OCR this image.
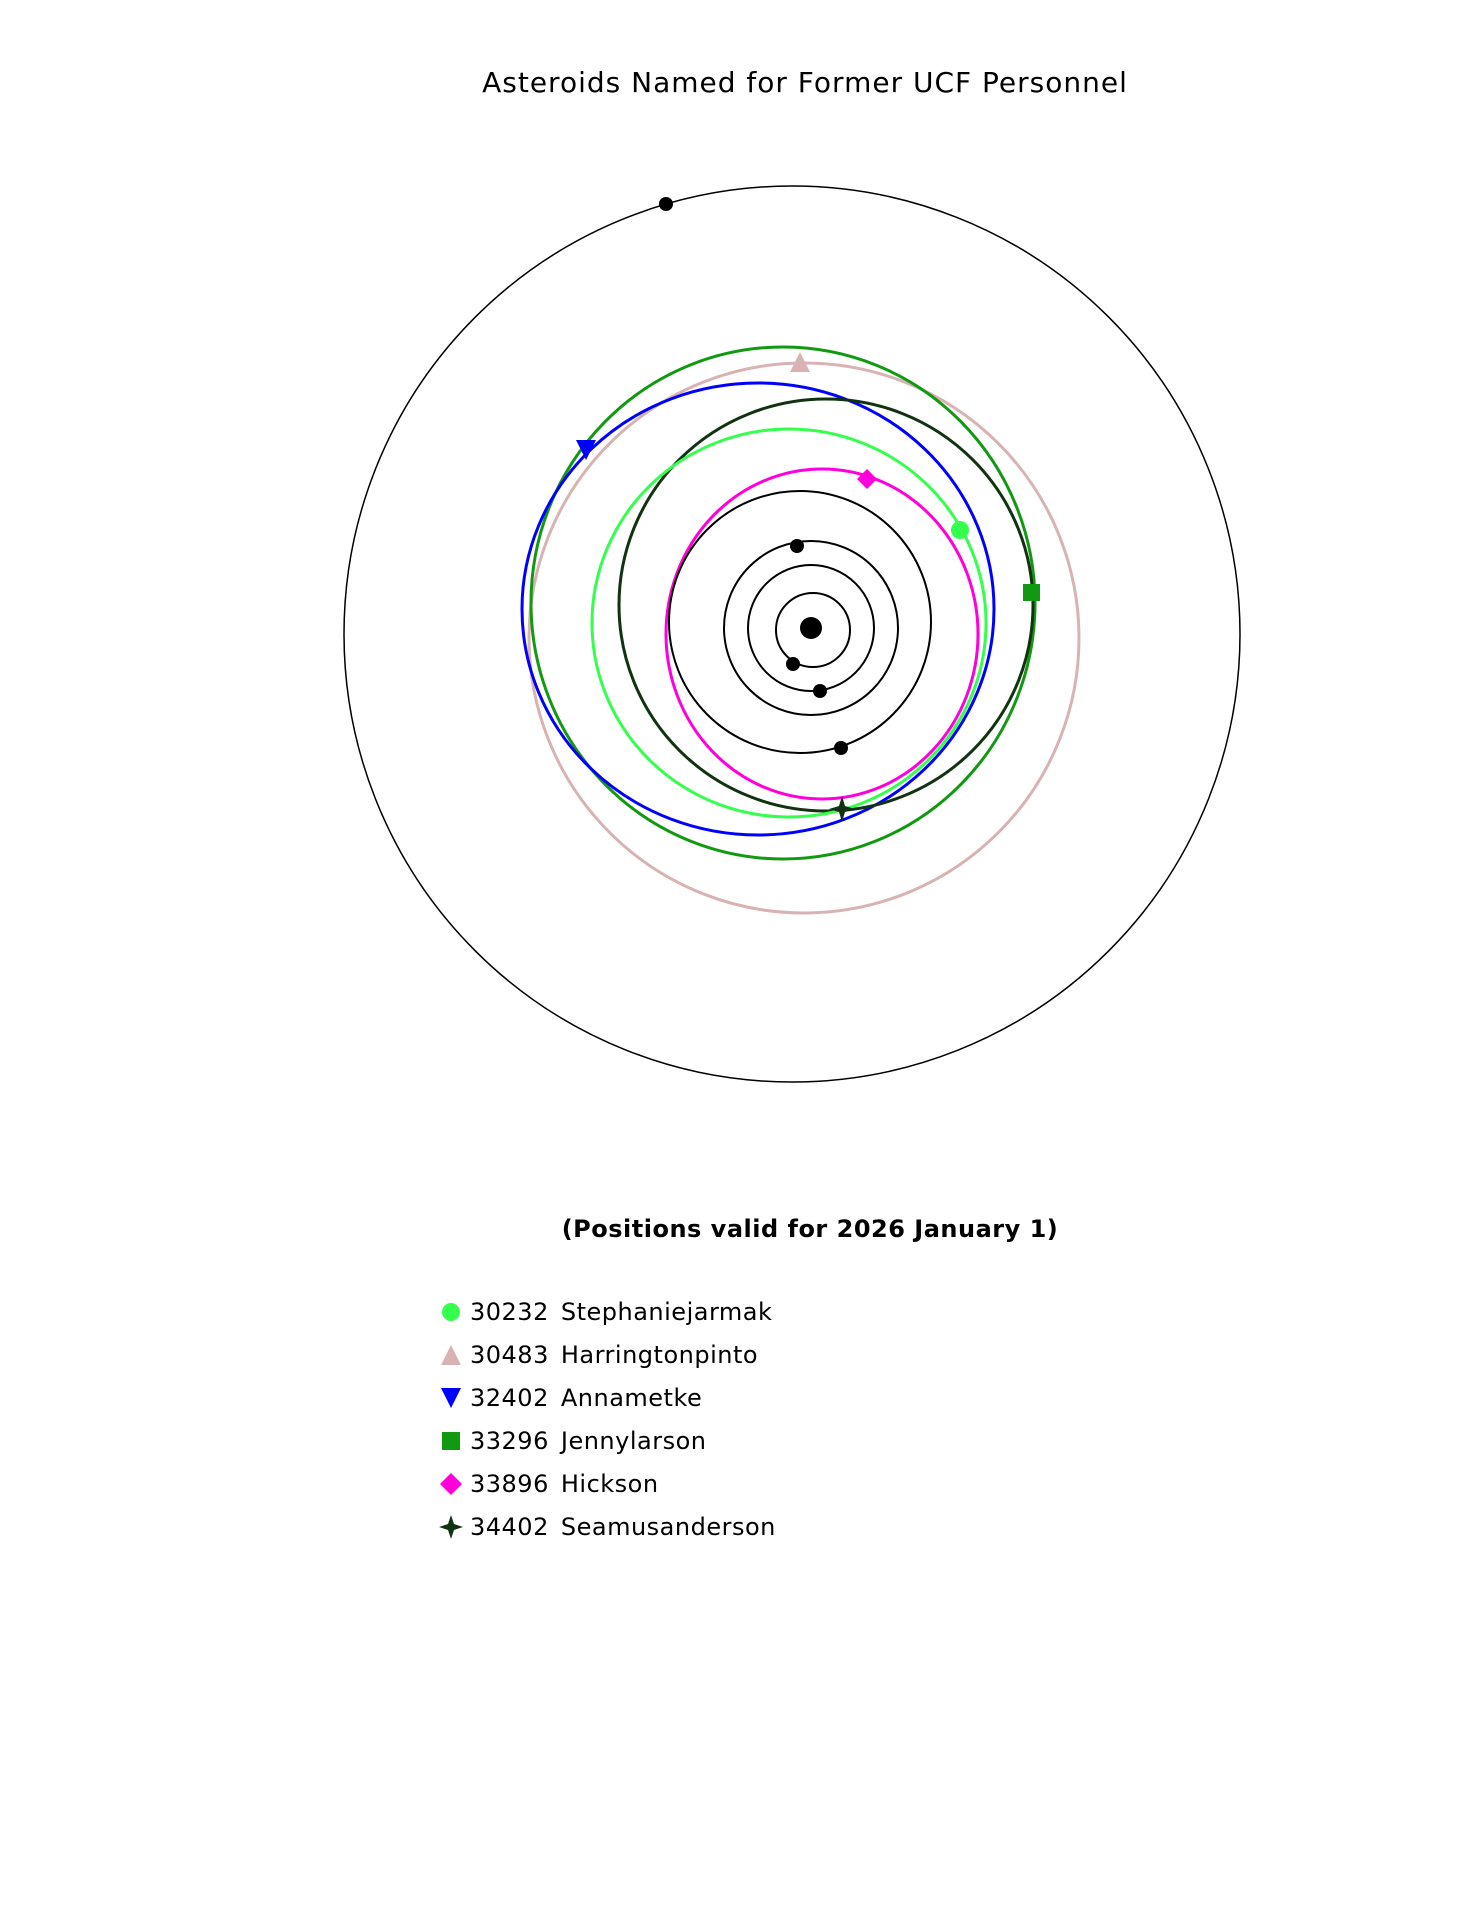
Asteroids Named for Former UCF Personnel
(Positions valid for 2026 January 1)
30232 Stephaniejarmak
30483 Harringtonpinto
32402 Annametke
33296 Jennylarson
33896 Hickson
34402 Seamusanderson
